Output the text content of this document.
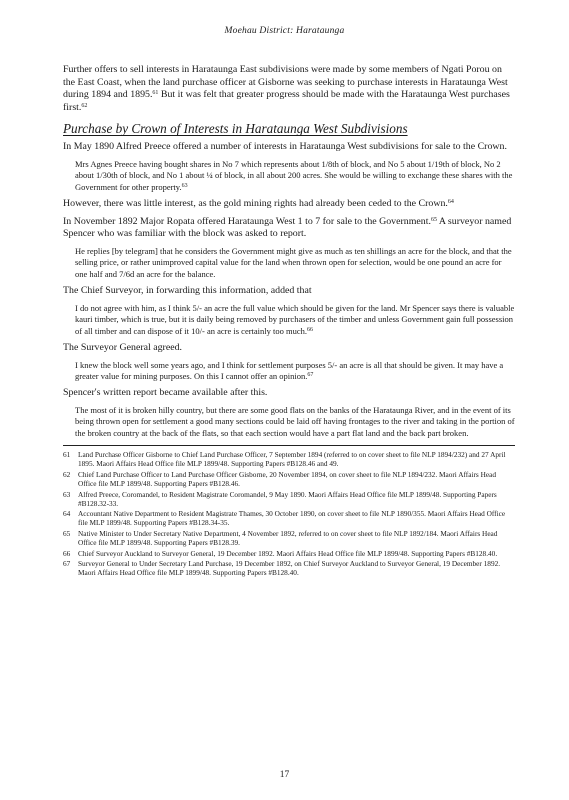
Moehau District: Harataunga

Further offers to sell interests in Harataunga East subdivisions were made by some members of Ngati Porou on the East Coast, when the land purchase officer at Gisborne was seeking to purchase interests in Harataunga West during 1894 and 1895.61 But it was felt that greater progress should be made with the Harataunga West purchases first.$^{62}$

Purchase by Crown of Interests in Harataunga West Subdivisions

In May 1890 Alfred Preece offered a number of interests in Harataunga West subdivisions for sale to the Crown.

Mrs Agnes Preece having bought shares in No 7 which represents about 1/8th of block, and No 5 about 1/19th of block, No 2 about 1/30th of block, and No 1 about ¼ of block, in all about 200 acres. She would be willing to exchange these shares with the Government for other property.$^{63}$

However, there was little interest, as the gold mining rights had already been ceded to the Crown.$^{64}$

In November 1892 Major Ropata offered Harataunga West 1 to 7 for sale to the Government.$^{65}$ A surveyor named Spencer who was familiar with the block was asked to report.

He replies [by telegram] that he considers the Government might give as much as ten shillings an acre for the block, and that the selling price, or rather unimproved capital value for the land when thrown open for selection, would be one pound an acre for one half and 7/6d an acre for the balance.

The Chief Surveyor, in forwarding this information, added that

I do not agree with him, as I think 5/- an acre the full value which should be given for the land. Mr Spencer says there is valuable kauri timber, which is true, but it is daily being removed by purchasers of the timber and unless Government gain full possession of all timber and can dispose of it 10/- an acre is certainly too much.$^{66}$

The Surveyor General agreed.

I knew the block well some years ago, and I think for settlement purposes 5/- an acre is all that should be given. It may have a greater value for mining purposes. On this I cannot offer an opinion.$^{67}$

Spencer's written report became available after this.

The most of it is broken hilly country, but there are some good flats on the banks of the Harataunga River, and in the event of its being thrown open for settlement a good many sections could be laid off having frontages to the river and taking in the portion of the broken country at the back of the flats, so that each section would have a part flat land and the back part broken.

61	Land Purchase Officer Gisborne to Chief Land Purchase Officer, 7 September 1894 (referred to on cover sheet to file NLP 1894/232) and 27 April 1895. Maori Affairs Head Office file MLP 1899/48. Supporting Papers #B128.46 and 49.
62	Chief Land Purchase Officer to Land Purchase Officer Gisborne, 20 November 1894, on cover sheet to file NLP 1894/232. Maori Affairs Head Office file MLP 1899/48. Supporting Papers #B128.46.
63	Alfred Preece, Coromandel, to Resident Magistrate Coromandel, 9 May 1890. Maori Affairs Head Office file MLP 1899/48. Supporting Papers #B128.32-33.
64	Accountant Native Department to Resident Magistrate Thames, 30 October 1890, on cover sheet to file NLP 1890/355. Maori Affairs Head Office file MLP 1899/48. Supporting Papers #B128.34-35.
65	Native Minister to Under Secretary Native Department, 4 November 1892, referred to on cover sheet to file NLP 1892/184. Maori Affairs Head Office file MLP 1899/48. Supporting Papers #B128.39.
66	Chief Surveyor Auckland to Surveyor General, 19 December 1892. Maori Affairs Head Office file MLP 1899/48. Supporting Papers #B128.40.
67	Surveyor General to Under Secretary Land Purchase, 19 December 1892, on Chief Surveyor Auckland to Surveyor General, 19 December 1892. Maori Affairs Head Office file MLP 1899/48. Supporting Papers #B128.40.
17
